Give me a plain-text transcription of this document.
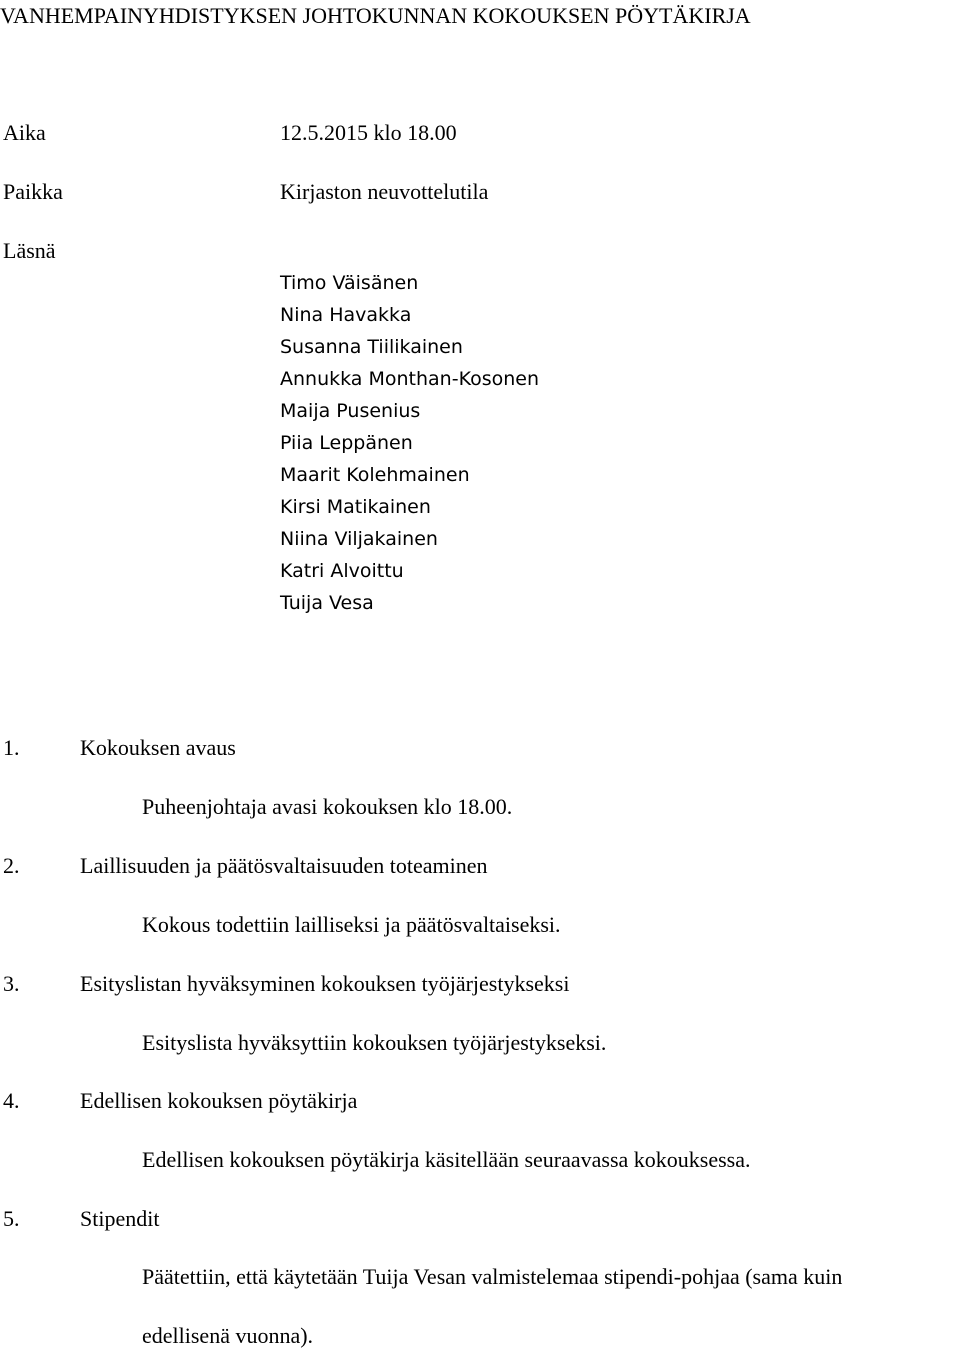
VANHEMPAINYHDISTYKSEN JOHTOKUNNAN KOKOUKSEN PÖYTÄKIRJA
Aika	12.5.2015 klo 18.00
Paikka	Kirjaston neuvottelutila
Läsnä
Timo Väisänen
Nina Havakka
Susanna Tiilikainen
Annukka Monthan-Kosonen
Maija Pusenius
Piia Leppänen
Maarit Kolehmainen
Kirsi Matikainen
Niina Viljakainen
Katri Alvoittu
Tuija Vesa
1.	Kokouksen avaus
Puheenjohtaja avasi kokouksen klo 18.00.
2.	Laillisuuden ja päätösvaltaisuuden toteaminen
Kokous todettiin lailliseksi ja päätösvaltaiseksi.
3.	Esityslistan hyväksyminen kokouksen työjärjestykseksi
Esityslista hyväksyttiin kokouksen työjärjestykseksi.
4.	Edellisen kokouksen pöytäkirja
Edellisen kokouksen pöytäkirja käsitellään seuraavassa kokouksessa.
5.	Stipendit
Päätettiin, että käytetään Tuija Vesan valmistelemaa stipendi-pohjaa (sama kuin
edellisenä vuonna).
